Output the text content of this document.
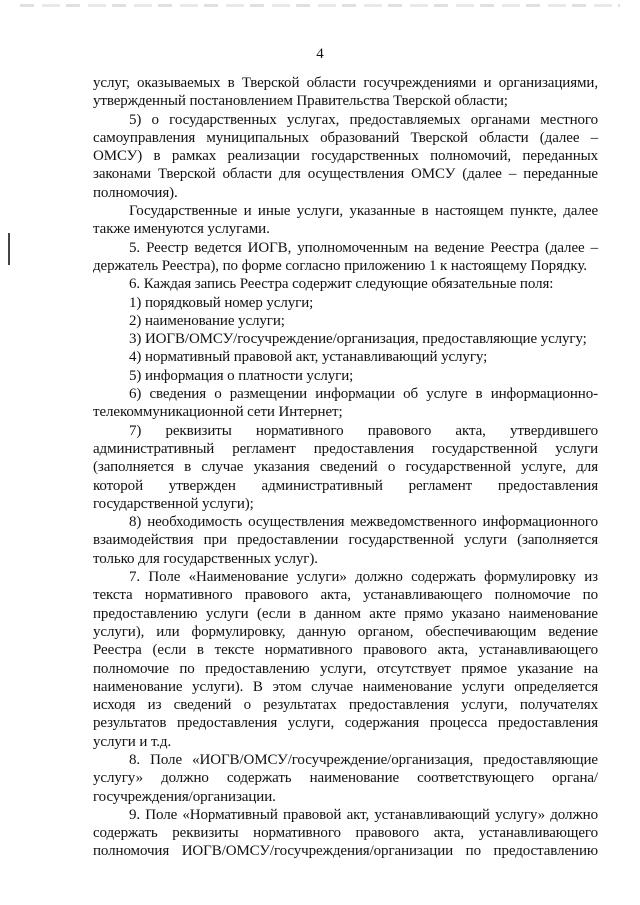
4

услуг, оказываемых в Тверской области госучреждениями и организациями, утвержденный постановлением Правительства Тверской области;

5) о государственных услугах, предоставляемых органами местного самоуправления муниципальных образований Тверской области (далее – ОМСУ) в рамках реализации государственных полномочий, переданных законами Тверской области для осуществления ОМСУ (далее – переданные полномочия).

Государственные и иные услуги, указанные в настоящем пункте, далее также именуются услугами.

5. Реестр ведется ИОГВ, уполномоченным на ведение Реестра (далее – держатель Реестра), по форме согласно приложению 1 к настоящему Порядку.

6. Каждая запись Реестра содержит следующие обязательные поля:

1) порядковый номер услуги;

2) наименование услуги;

3) ИОГВ/ОМСУ/госучреждение/организация, предоставляющие услугу;

4) нормативный правовой акт, устанавливающий услугу;

5) информация о платности услуги;

6) сведения о размещении информации об услуге в информационно-телекоммуникационной сети Интернет;

7) реквизиты нормативного правового акта, утвердившего административный регламент предоставления государственной услуги (заполняется в случае указания сведений о государственной услуге, для которой утвержден административный регламент предоставления государственной услуги);

8) необходимость осуществления межведомственного информационного взаимодействия при предоставлении государственной услуги (заполняется только для государственных услуг).

7. Поле «Наименование услуги» должно содержать формулировку из текста нормативного правового акта, устанавливающего полномочие по предоставлению услуги (если в данном акте прямо указано наименование услуги), или формулировку, данную органом, обеспечивающим ведение Реестра (если в тексте нормативного правового акта, устанавливающего полномочие по предоставлению услуги, отсутствует прямое указание на наименование услуги). В этом случае наименование услуги определяется исходя из сведений о результатах предоставления услуги, получателях результатов предоставления услуги, содержания процесса предоставления услуги и т.д.

8. Поле «ИОГВ/ОМСУ/госучреждение/организация, предоставляющие услугу» должно содержать наименование соответствующего органа/ госучреждения/организации.

9. Поле «Нормативный правовой акт, устанавливающий услугу» должно содержать реквизиты нормативного правового акта, устанавливающего полномочия ИОГВ/ОМСУ/госучреждения/организации по предоставлению
